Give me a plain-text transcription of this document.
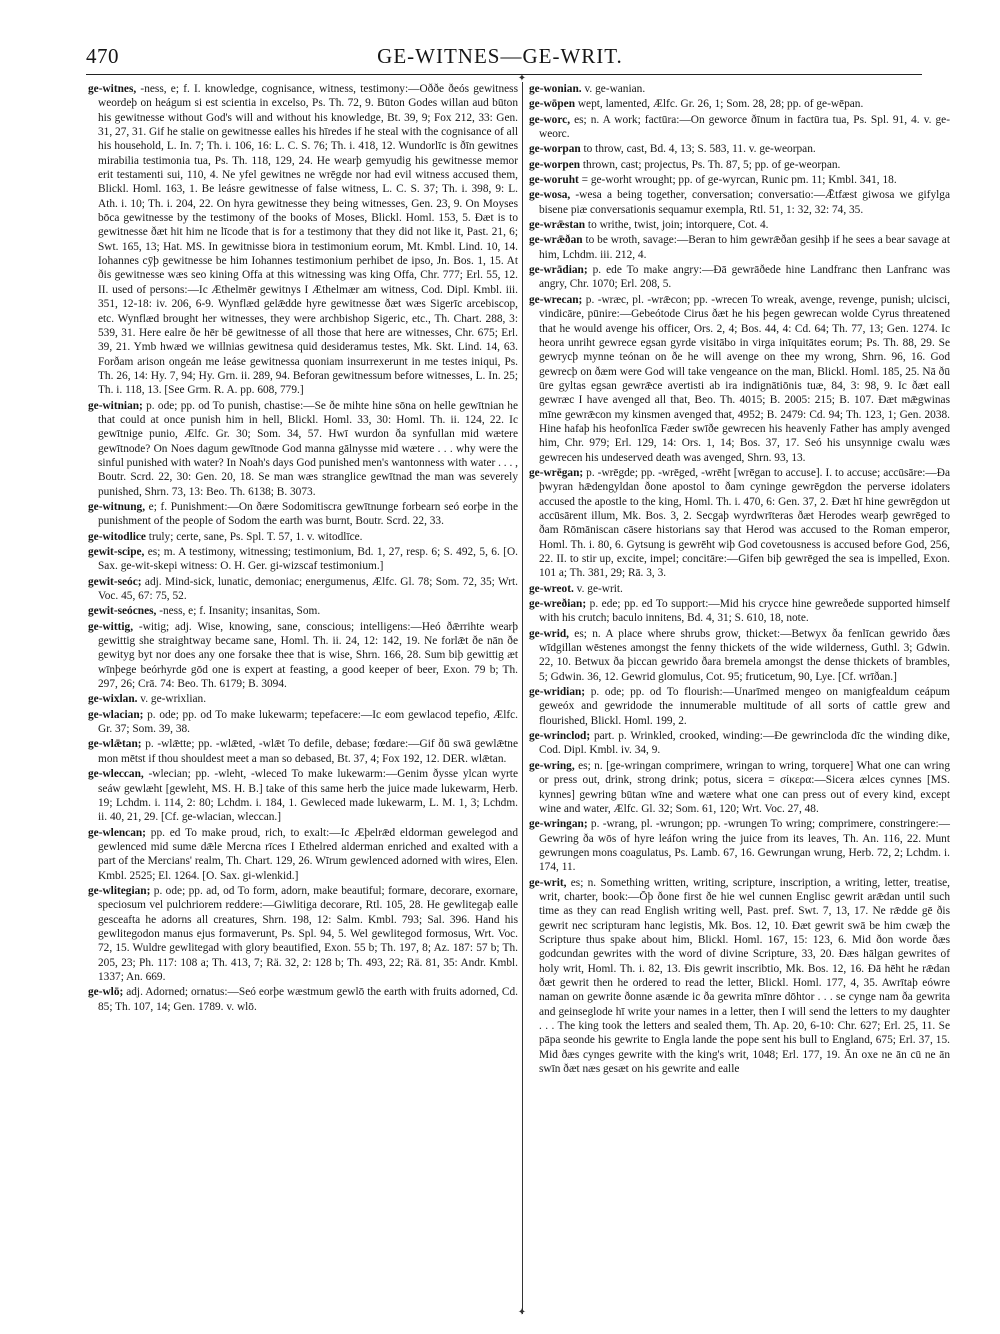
470	GE-WITNES—GE-WRIT.
✦
✦
ge-witnes, -ness, e; f. I. knowledge, cognisance, witness, testimony:—Oððe ðeós gewitness weordeþ on heágum si est scientia in excelso, Ps. Th. 72, 9. Būton Godes willan aud būton his gewitnesse without God's will and without his knowledge, Bt. 39, 9; Fox 212, 33: Gen. 31, 27, 31. Gif he stalie on gewitnesse ealles his hīredes if he steal with the cognisance of all his household, L. In. 7; Th. i. 106, 16: L. C. S. 76; Th. i. 418, 12. Wundorlīc is ðīn gewitnes mirabilia testimonia tua, Ps. Th. 118, 129, 24. He wearþ gemyudig his gewitnesse memor erit testamenti sui, 110, 4. Ne yfel gewitnes ne wrēgde nor had evil witness accused them, Blickl. Homl. 163, 1. Be leásre gewitnesse of false witness, L. C. S. 37; Th. i. 398, 9: L. Ath. i. 10; Th. i. 204, 22. On hyra gewitnesse they being witnesses, Gen. 23, 9. On Moyses bōca gewitnesse by the testimony of the books of Moses, Blickl. Homl. 153, 5. Ðæt is to gewitnesse ðæt hit him ne līcode that is for a testimony that they did not like it, Past. 21, 6; Swt. 165, 13; Hat. MS. In gewitnisse biora in testimonium eorum, Mt. Kmbl. Lind. 10, 14. Iohannes cȳþ gewitnesse be him Iohannes testimonium perhibet de ipso, Jn. Bos. 1, 15. At ðis gewitnesse wæs seo kining Offa at this witnessing was king Offa, Chr. 777; Erl. 55, 12. II. used of persons:—Ic Æthelmēr gewitnys I Æthelmær am witness, Cod. Dipl. Kmbl. iii. 351, 12-18: iv. 206, 6-9. Wynflæd gelǣdde hyre gewitnesse ðæt wæs Sigerīc arcebiscop, etc. Wynflæd brought her witnesses, they were archbishop Sigeric, etc., Th. Chart. 288, 3: 539, 31. Here ealre ðe hēr bē gewitnesse of all those that here are witnesses, Chr. 675; Erl. 39, 21. Ymb hwæd we willnias gewitnesa quid desideramus testes, Mk. Skt. Lind. 14, 63. Forðam arison ongeán me leáse gewitnessa quoniam insurrexerunt in me testes iniqui, Ps. Th. 26, 14: Hy. 7, 94; Hy. Grn. ii. 289, 94. Beforan gewitnessum before witnesses, L. In. 25; Th. i. 118, 13. [See Grm. R. A. pp. 608, 779.]
ge-witnian; p. ode; pp. od To punish, chastise:—Se ðe mihte hine sōna on helle gewītnian he that could at once punish him in hell, Blickl. Homl. 33, 30: Homl. Th. ii. 124, 22. Ic gewītnige punio, Ælfc. Gr. 30; Som. 34, 57. Hwī wurdon ða synfullan mid wætere gewītnode? On Noes dagum gewītnode God manna gālnysse mid wætere . . . why were the sinful punished with water? In Noah's days God punished men's wantonness with water . . . , Boutr. Scrd. 22, 30: Gen. 20, 18. Se man wæs stranglice gewītnad the man was severely punished, Shrn. 73, 13: Beo. Th. 6138; B. 3073.
ge-witnung, e; f. Punishment:—On ðære Sodomitiscra gewītnunge forbearn seó eorþe in the punishment of the people of Sodom the earth was burnt, Boutr. Scrd. 22, 33.
ge-witodlice truly; certe, sane, Ps. Spl. T. 57, 1. v. witodlīce.
gewit-scipe, es; m. A testimony, witnessing; testimonium, Bd. 1, 27, resp. 6; S. 492, 5, 6. [O. Sax. ge-wit-skepi witness: O. H. Ger. gi-wizscaf testimonium.]
gewit-seóc; adj. Mind-sick, lunatic, demoniac; energumenus, Ælfc. Gl. 78; Som. 72, 35; Wrt. Voc. 45, 67: 75, 52.
gewit-seócnes, -ness, e; f. Insanity; insanitas, Som.
ge-wittig, -witig; adj. Wise, knowing, sane, conscious; intelligens:—Heó ðǣrrihte wearþ gewittig she straightway became sane, Homl. Th. ii. 24, 12: 142, 19. Ne forlǣt ðe nān ðe gewityg byt nor does any one forsake thee that is wise, Shrn. 166, 28. Sum biþ gewittig æt wīnþege beórhyrde gōd one is expert at feasting, a good keeper of beer, Exon. 79 b; Th. 297, 26; Crā. 74: Beo. Th. 6179; B. 3094.
ge-wixlan. v. ge-wrixlian.
ge-wlacian; p. ode; pp. od To make lukewarm; tepefacere:—Ic eom gewlacod tepefio, Ælfc. Gr. 37; Som. 39, 38.
ge-wlǣtan; p. -wlǣtte; pp. -wlǣted, -wlǣt To defile, debase; fœdare:—Gif ðū swā gewlǣtne mon mētst if thou shouldest meet a man so debased, Bt. 37, 4; Fox 192, 12. DER. wlǣtan.
ge-wleccan, -wlecian; pp. -wleht, -wleced To make lukewarm:—Genim ðysse ylcan wyrte seáw gewlæht [gewleht, MS. H. B.] take of this same herb the juice made lukewarm, Herb. 19; Lchdm. i. 114, 2: 80; Lchdm. i. 184, 1. Gewleced made lukewarm, L. M. 1, 3; Lchdm. ii. 40, 21, 29. [Cf. ge-wlacian, wleccan.]
ge-wlencan; pp. ed To make proud, rich, to exalt:—Ic Æþelrǣd eldorman gewelegod and gewlenced mid sume dǣle Mercna rīces I Ethelred alderman enriched and exalted with a part of the Mercians' realm, Th. Chart. 129, 26. Wīrum gewlenced adorned with wires, Elen. Kmbl. 2525; El. 1264. [O. Sax. gi-wlenkid.]
ge-wlitegian; p. ode; pp. ad, od To form, adorn, make beautiful; formare, decorare, exornare, speciosum vel pulchriorem reddere:—Giwlitiga decorare, Rtl. 105, 28. He gewlitegaþ ealle gesceafta he adorns all creatures, Shrn. 198, 12: Salm. Kmbl. 793; Sal. 396. Hand his gewlitegodon manus ejus formaverunt, Ps. Spl. 94, 5. Wel gewlitegod formosus, Wrt. Voc. 72, 15. Wuldre gewlitegad with glory beautified, Exon. 55 b; Th. 197, 8; Az. 187: 57 b; Th. 205, 23; Ph. 117: 108 a; Th. 413, 7; Rä. 32, 2: 128 b; Th. 493, 22; Rä. 81, 35: Andr. Kmbl. 1337; An. 669.
ge-wlō; adj. Adorned; ornatus:—Seó eorþe wæstmum gewlō the earth with fruits adorned, Cd. 85; Th. 107, 14; Gen. 1789. v. wlō.
ge-wonian. v. ge-wanian.
ge-wōpen wept, lamented, Ælfc. Gr. 26, 1; Som. 28, 28; pp. of ge-wēpan.
ge-worc, es; n. A work; factūra:—On geworce ðīnum in factūra tua, Ps. Spl. 91, 4. v. ge-weorc.
ge-worpan to throw, cast, Bd. 4, 13; S. 583, 11. v. ge-weorpan.
ge-worpen thrown, cast; projectus, Ps. Th. 87, 5; pp. of ge-weorpan.
ge-woruht = ge-worht wrought; pp. of ge-wyrcan, Runic pm. 11; Kmbl. 341, 18.
ge-wosa, -wesa a being together, conversation; conversatio:—Ǣtfæst giwosa we gifylga bisene piæ conversationis sequamur exempla, Rtl. 51, 1: 32, 32: 74, 35.
ge-wrǣstan to writhe, twist, join; intorquere, Cot. 4.
ge-wrǣðan to be wroth, savage:—Beran to him gewrǣðan gesihþ if he sees a bear savage at him, Lchdm. iii. 212, 4.
ge-wrādian; p. ede To make angry:—Ðā gewrāðede hine Landfranc then Lanfranc was angry, Chr. 1070; Erl. 208, 5.
ge-wrecan; p. -wræc, pl. -wrǣcon; pp. -wrecen To wreak, avenge, revenge, punish; ulcisci, vindicāre, pūnire:—Gebeótode Cirus ðæt he his þegen gewrecan wolde Cyrus threatened that he would avenge his officer, Ors. 2, 4; Bos. 44, 4: Cd. 64; Th. 77, 13; Gen. 1274. Ic heora unriht gewrece egsan gyrde visitābo in virga inīquitātes eorum; Ps. Th. 88, 29. Se gewrycþ mynne teónan on ðe he will avenge on thee my wrong, Shrn. 96, 16. God gewrecþ on ðæm were God will take vengeance on the man, Blickl. Homl. 185, 25. Nā ðū ūre gyltas egsan gewrǣce avertisti ab ira indignātiōnis tuæ, 84, 3: 98, 9. Ic ðæt eall gewræc I have avenged all that, Beo. Th. 4015; B. 2005: 215; B. 107. Ðæt mǣgwinas mīne gewrǣcon my kinsmen avenged that, 4952; B. 2479: Cd. 94; Th. 123, 1; Gen. 2038. Hine hafaþ his heofonlīca Fæder swīðe gewrecen his heavenly Father has amply avenged him, Chr. 979; Erl. 129, 14: Ors. 1, 14; Bos. 37, 17. Seó his unsynnige cwalu wæs gewrecen his undeserved death was avenged, Shrn. 93, 13.
ge-wrēgan; p. -wrēgde; pp. -wrēged, -wrēht [wrēgan to accuse]. I. to accuse; accūsāre:—Ða þwyran hǣdengyldan ðone apostol to ðam cyninge gewrēgdon the perverse idolaters accused the apostle to the king, Homl. Th. i. 470, 6: Gen. 37, 2. Ðæt hī hine gewrēgdon ut accūsārent illum, Mk. Bos. 3, 2. Secgaþ wyrdwrīteras ðæt Herodes wearþ gewrēged to ðam Rōmāniscan cāsere historians say that Herod was accused to the Roman emperor, Homl. Th. i. 80, 6. Gytsung is gewrēht wiþ God covetousness is accused before God, 256, 22. II. to stir up, excite, impel; concitāre:—Gifen biþ gewrēged the sea is impelled, Exon. 101 a; Th. 381, 29; Rā. 3, 3.
ge-wreot. v. ge-writ.
ge-wreðian; p. ede; pp. ed To support:—Mid his crycce hine gewreðede supported himself with his crutch; baculo innitens, Bd. 4, 31; S. 610, 18, note.
ge-wrid, es; n. A place where shrubs grow, thicket:—Betwyx ða fenlīcan gewrido ðæs wīdgillan wēstenes amongst the fenny thickets of the wide wilderness, Guthl. 3; Gdwin. 22, 10. Betwux ða þiccan gewrido ðara bremela amongst the dense thickets of brambles, 5; Gdwin. 36, 12. Gewrid glomulus, Cot. 95; fruticetum, 90, Lye. [Cf. wrīðan.]
ge-wridian; p. ode; pp. od To flourish:—Unarīmed mengeo on manigfealdum ceápum geweóx and gewridode the innumerable multitude of all sorts of cattle grew and flourished, Blickl. Homl. 199, 2.
ge-wrinclod; part. p. Wrinkled, crooked, winding:—Ðe gewrincloda dīc the winding dike, Cod. Dipl. Kmbl. iv. 34, 9.
ge-wring, es; n. [ge-wringan comprimere, wringan to wring, torquere] What one can wring or press out, drink, strong drink; potus, sicera = σίκερα:—Sicera ælces cynnes [MS. kynnes] gewring būtan wīne and wætere what one can press out of every kind, except wine and water, Ælfc. Gl. 32; Som. 61, 120; Wrt. Voc. 27, 48.
ge-wringan; p. -wrang, pl. -wrungon; pp. -wrungen To wring; comprimere, constringere:—Gewring ða wōs of hyre leáfon wring the juice from its leaves, Th. An. 116, 22. Munt gewrungen mons coagulatus, Ps. Lamb. 67, 16. Gewrungan wrung, Herb. 72, 2; Lchdm. i. 174, 11.
ge-writ, es; n. Something written, writing, scripture, inscription, a writing, letter, treatise, writ, charter, book:—Ōþ ðone first ðe hie wel cunnen Englisc gewrit arǣdan until such time as they can read English writing well, Past. pref. Swt. 7, 13, 17. Ne rǣdde gē ðis gewrit nec scripturam hanc legistis, Mk. Bos. 12, 10. Ðæt gewrit swā be him cwæþ the Scripture thus spake about him, Blickl. Homl. 167, 15: 123, 6. Mid ðon worde ðæs godcundan gewrites with the word of divine Scripture, 33, 20. Ðæs hālgan gewrites of holy writ, Homl. Th. i. 82, 13. Ðis gewrit inscribtio, Mk. Bos. 12, 16. Ðā hēht he rǣdan ðæt gewrit then he ordered to read the letter, Blickl. Homl. 177, 4, 35. Awrītaþ eówre naman on gewrite ðonne asænde ic ða gewrita mīnre dōhtor . . . se cynge nam ða gewrita and geinseglode hī write your names in a letter, then I will send the letters to my daughter . . . The king took the letters and sealed them, Th. Ap. 20, 6-10: Chr. 627; Erl. 25, 11. Se pāpa seonde his gewrite to Engla lande the pope sent his bull to England, 675; Erl. 37, 15. Mid ðæs cynges gewrite with the king's writ, 1048; Erl. 177, 19. Ān oxe ne ān cū ne ān swīn ðæt næs gesæt on his gewrite and ealle
